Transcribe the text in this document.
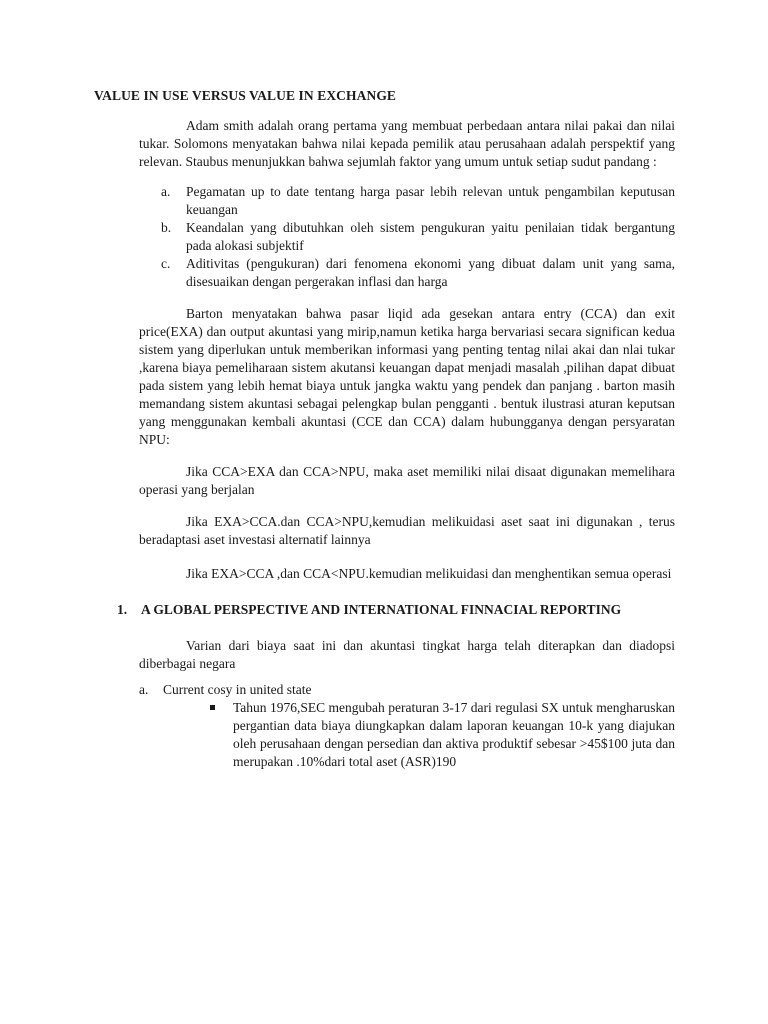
VALUE IN USE VERSUS VALUE IN EXCHANGE

Adam smith adalah orang pertama yang membuat perbedaan antara nilai pakai dan nilai tukar. Solomons menyatakan bahwa nilai kepada pemilik atau perusahaan adalah perspektif yang relevan. Staubus menunjukkan bahwa sejumlah faktor yang umum untuk setiap sudut pandang :

a. Pegamatan up to date tentang harga pasar lebih relevan untuk pengambilan keputusan keuangan
b. Keandalan yang dibutuhkan oleh sistem pengukuran yaitu penilaian tidak bergantung pada alokasi subjektif
c. Aditivitas (pengukuran) dari fenomena ekonomi yang dibuat dalam unit yang sama, disesuaikan dengan pergerakan inflasi dan harga

Barton menyatakan bahwa pasar liqid ada gesekan antara entry (CCA) dan exit price(EXA) dan output akuntasi yang mirip,namun ketika harga bervariasi secara significan kedua sistem yang diperlukan untuk memberikan informasi yang penting tentag nilai akai dan nlai tukar ,karena biaya pemeliharaan sistem akutansi keuangan dapat menjadi masalah ,pilihan dapat dibuat pada sistem yang lebih hemat biaya untuk jangka waktu yang pendek dan panjang . barton masih memandang sistem akuntasi sebagai pelengkap bulan pengganti . bentuk ilustrasi aturan keputsan yang menggunakan kembali akuntasi (CCE dan CCA) dalam hubungganya dengan persyaratan NPU:

Jika CCA>EXA dan CCA>NPU, maka aset memiliki nilai disaat digunakan memelihara operasi yang berjalan

Jika EXA>CCA.dan CCA>NPU,kemudian melikuidasi aset saat ini digunakan , terus beradaptasi aset investasi alternatif lainnya

Jika EXA>CCA ,dan CCA<NPU.kemudian melikuidasi dan menghentikan semua operasi

1. A GLOBAL PERSPECTIVE AND INTERNATIONAL FINNACIAL REPORTING

Varian dari biaya saat ini dan akuntasi tingkat harga telah diterapkan dan diadopsi diberbagai negara

a. Current cosy in united state
Tahun 1976,SEC mengubah peraturan 3-17 dari regulasi SX untuk mengharuskan pergantian data biaya diungkapkan dalam laporan keuangan 10-k yang diajukan oleh perusahaan dengan persedian dan aktiva produktif sebesar >45$100 juta dan merupakan .10%dari total aset (ASR)190
